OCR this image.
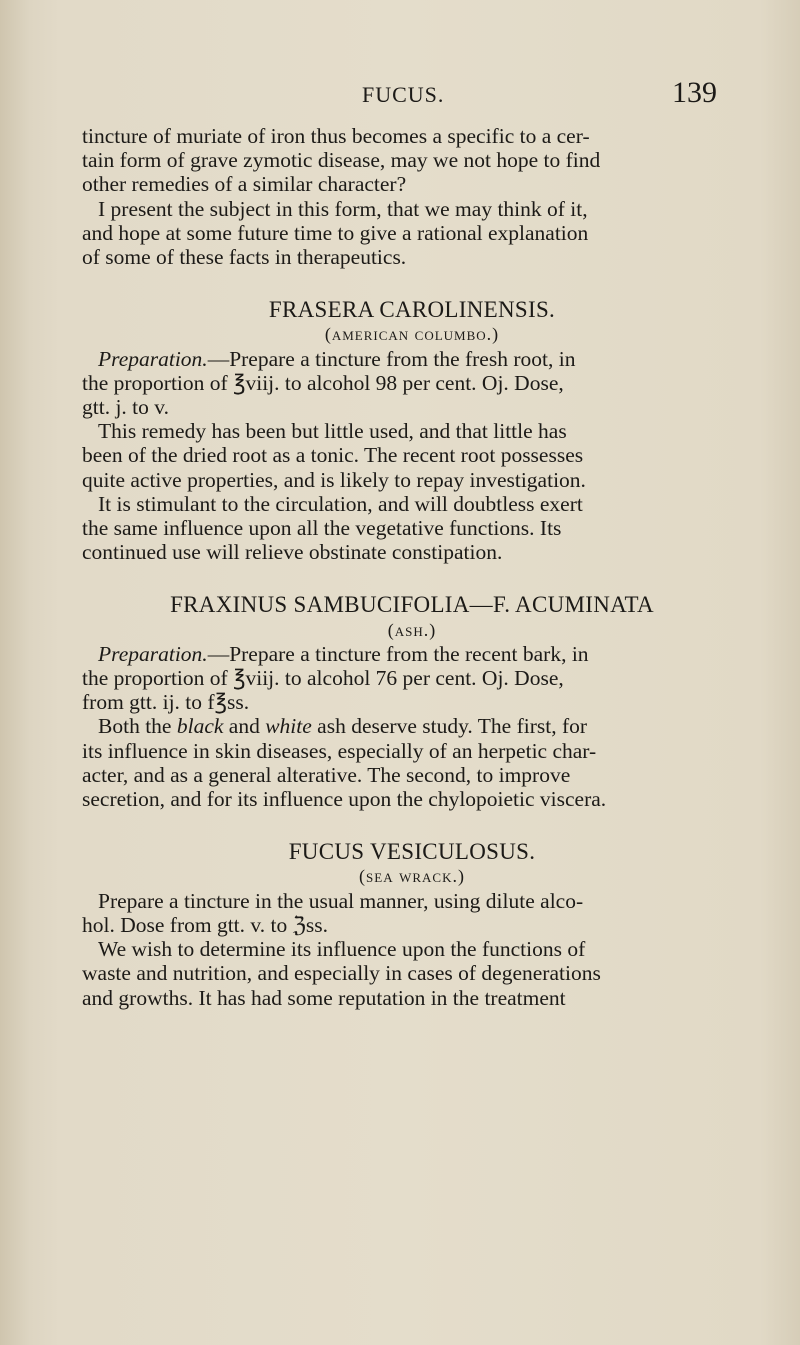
FUCUS.	139
tincture of muriate of iron thus becomes a specific to a cer-
tain form of grave zymotic disease, may we not hope to find
other remedies of a similar character?
I present the subject in this form, that we may think of it,
and hope at some future time to give a rational explanation
of some of these facts in therapeutics.
FRASERA CAROLINENSIS.
(american columbo.)
Preparation.—Prepare a tincture from the fresh root, in
the proportion of ℥viij. to alcohol 98 per cent. Oj. Dose,
gtt. j. to v.
This remedy has been but little used, and that little has
been of the dried root as a tonic. The recent root possesses
quite active properties, and is likely to repay investigation.
It is stimulant to the circulation, and will doubtless exert
the same influence upon all the vegetative functions. Its
continued use will relieve obstinate constipation.
FRAXINUS SAMBUCIFOLIA—F. ACUMINATA
(ash.)
Preparation.—Prepare a tincture from the recent bark, in
the proportion of ℥viij. to alcohol 76 per cent. Oj. Dose,
from gtt. ij. to f℥ss.
Both the black and white ash deserve study. The first, for
its influence in skin diseases, especially of an herpetic char-
acter, and as a general alterative. The second, to improve
secretion, and for its influence upon the chylopoietic viscera.
FUCUS VESICULOSUS.
(sea wrack.)
Prepare a tincture in the usual manner, using dilute alco-
hol. Dose from gtt. v. to ℨss.
We wish to determine its influence upon the functions of
waste and nutrition, and especially in cases of degenerations
and growths. It has had some reputation in the treatment
